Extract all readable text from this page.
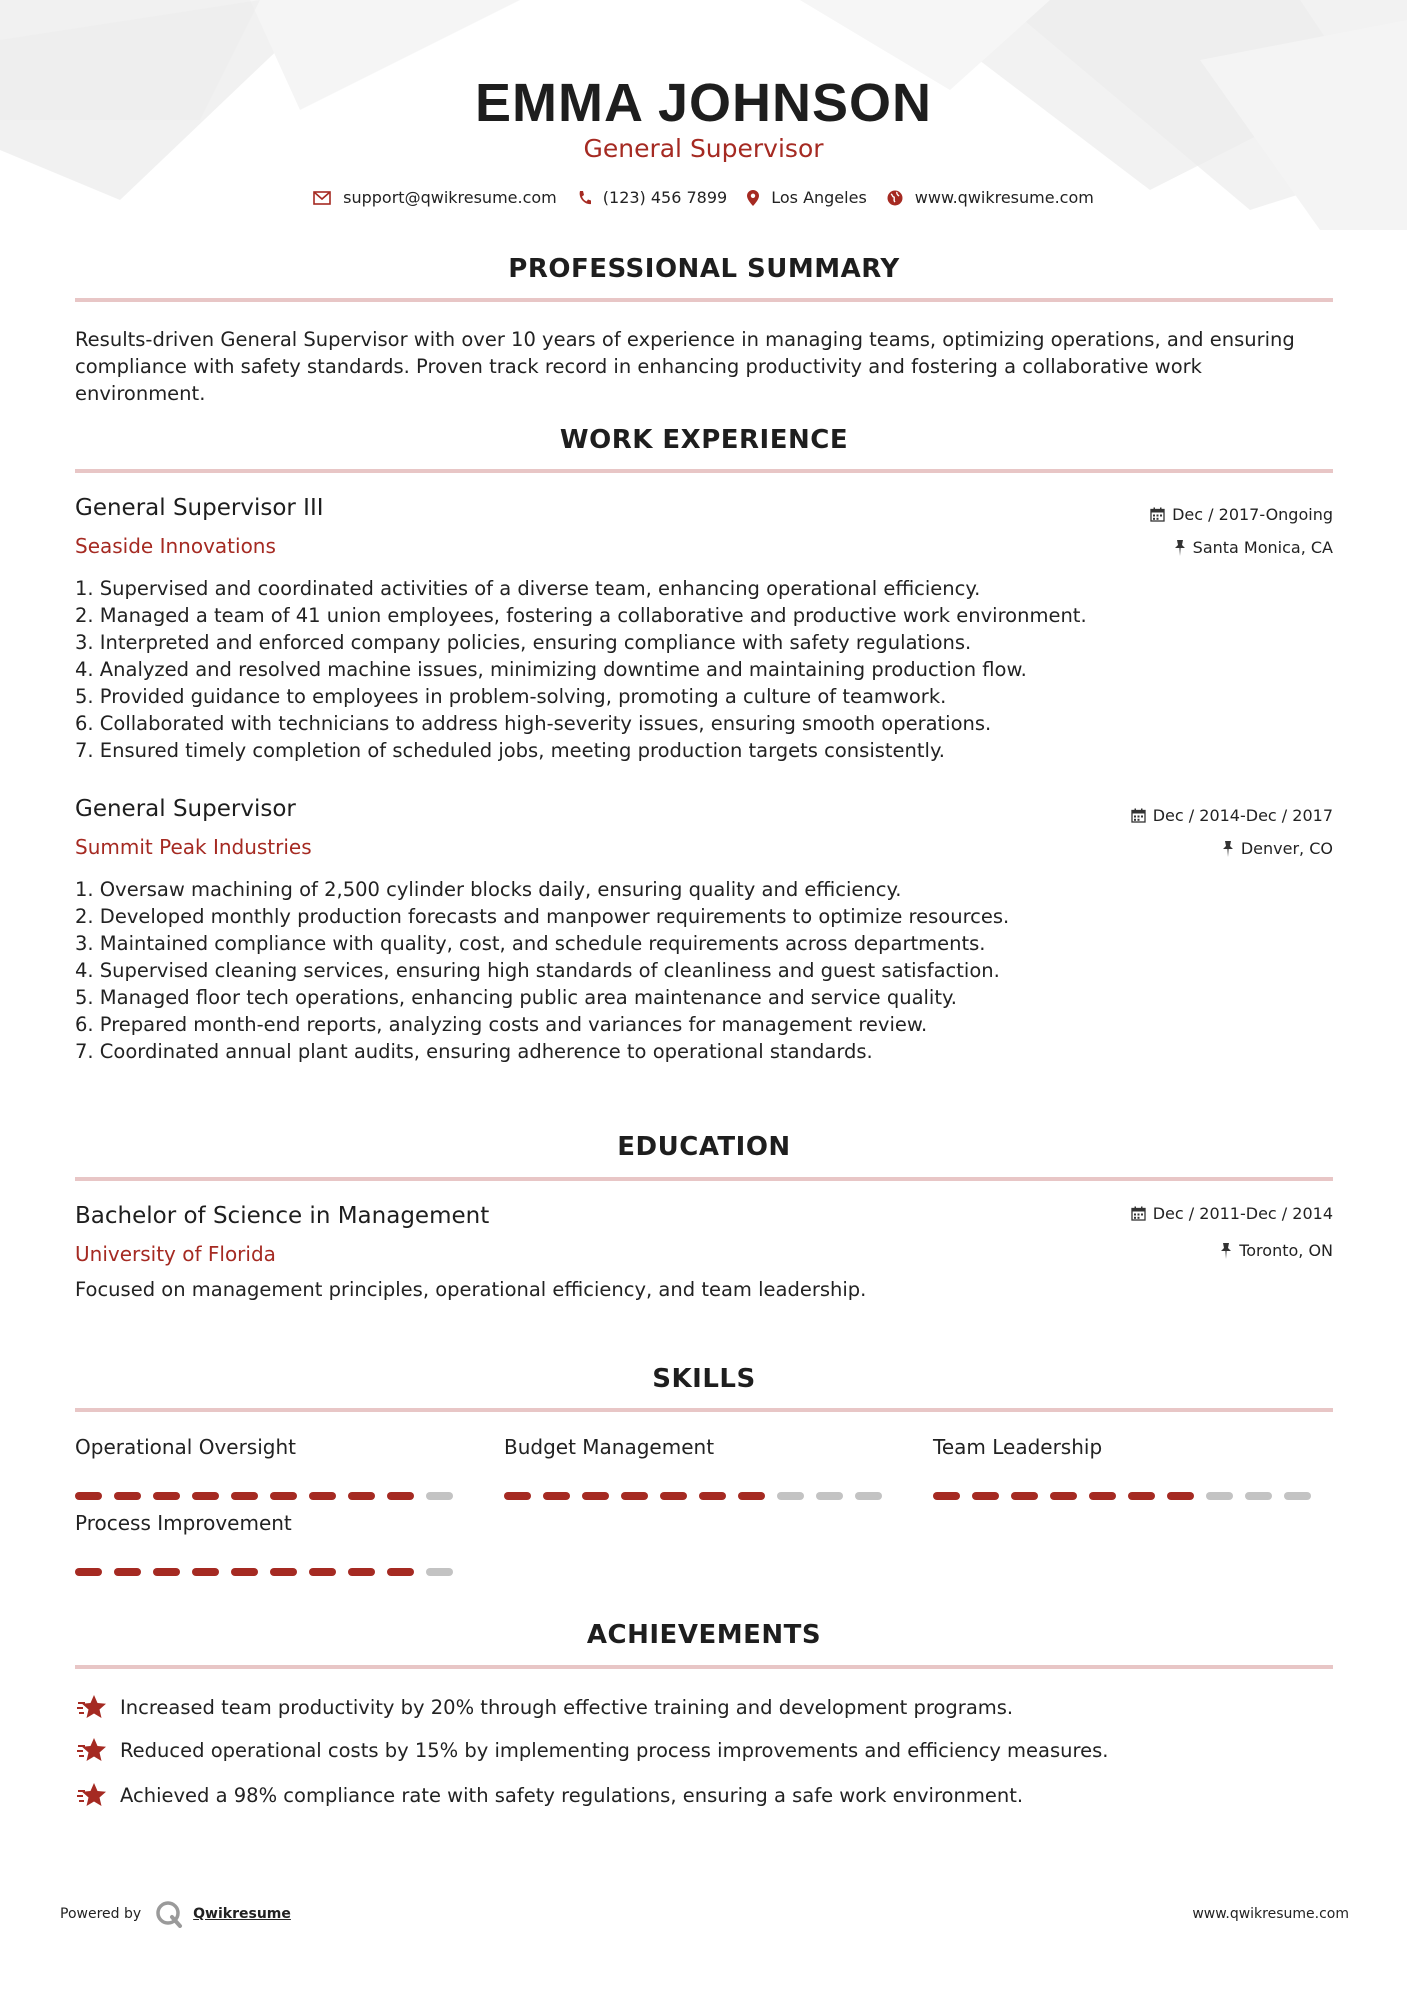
EMMA JOHNSON
General Supervisor
support@qwikresume.com	(123) 456 7899	Los Angeles	www.qwikresume.com
PROFESSIONAL SUMMARY
Results-driven General Supervisor with over 10 years of experience in managing teams, optimizing operations, and ensuring compliance with safety standards. Proven track record in enhancing productivity and fostering a collaborative work environment.
WORK EXPERIENCE
General Supervisor III
Seaside Innovations
Dec / 2017-Ongoing
Santa Monica, CA
1. Supervised and coordinated activities of a diverse team, enhancing operational efficiency.
2. Managed a team of 41 union employees, fostering a collaborative and productive work environment.
3. Interpreted and enforced company policies, ensuring compliance with safety regulations.
4. Analyzed and resolved machine issues, minimizing downtime and maintaining production flow.
5. Provided guidance to employees in problem-solving, promoting a culture of teamwork.
6. Collaborated with technicians to address high-severity issues, ensuring smooth operations.
7. Ensured timely completion of scheduled jobs, meeting production targets consistently.
General Supervisor
Summit Peak Industries
Dec / 2014-Dec / 2017
Denver, CO
1. Oversaw machining of 2,500 cylinder blocks daily, ensuring quality and efficiency.
2. Developed monthly production forecasts and manpower requirements to optimize resources.
3. Maintained compliance with quality, cost, and schedule requirements across departments.
4. Supervised cleaning services, ensuring high standards of cleanliness and guest satisfaction.
5. Managed floor tech operations, enhancing public area maintenance and service quality.
6. Prepared month-end reports, analyzing costs and variances for management review.
7. Coordinated annual plant audits, ensuring adherence to operational standards.
EDUCATION
Bachelor of Science in Management
University of Florida
Dec / 2011-Dec / 2014
Toronto, ON
Focused on management principles, operational efficiency, and team leadership.
SKILLS
Operational Oversight	Budget Management	Team Leadership
Process Improvement
ACHIEVEMENTS
Increased team productivity by 20% through effective training and development programs.
Reduced operational costs by 15% by implementing process improvements and efficiency measures.
Achieved a 98% compliance rate with safety regulations, ensuring a safe work environment.
Powered by	Qwikresume	www.qwikresume.com
